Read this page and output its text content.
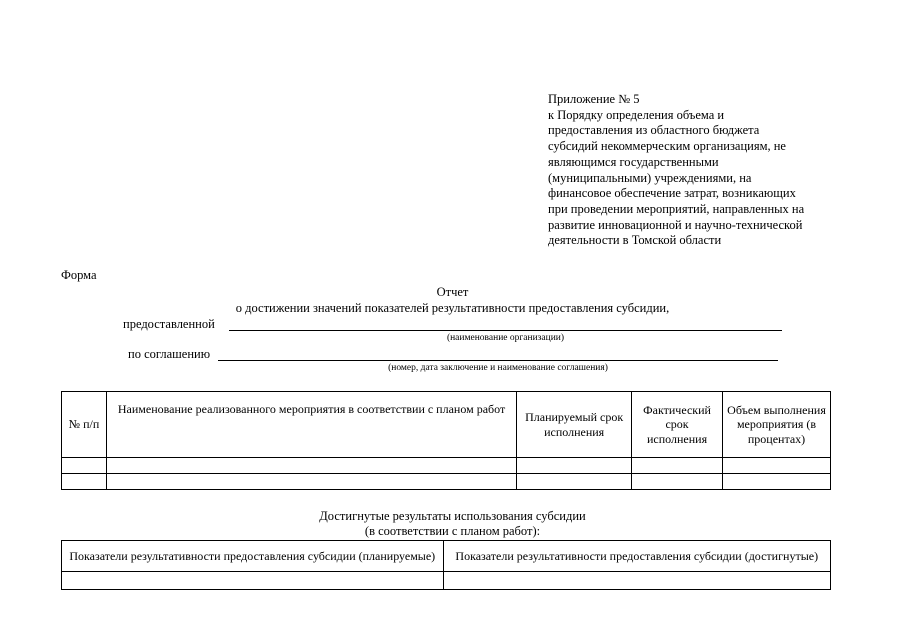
Приложение № 5
к Порядку определения объема и
предоставления из областного бюджета
субсидий некоммерческим организациям, не
являющимся государственными
(муниципальными) учреждениями, на
финансовое обеспечение затрат, возникающих
при проведении мероприятий, направленных на
развитие инновационной и научно-технической
деятельности в Томской области
Форма
Отчет
о достижении значений показателей результативности предоставления субсидии,
предоставленной
(наименование организации)
по соглашению
(номер, дата заключение и наименование соглашения)
№ п/п	Наименование реализованного мероприятия в соответствии с планом работ	Планируемый срок исполнения	Фактический срок исполнения	Объем выполнения мероприятия (в процентах)

Достигнутые результаты использования субсидии
(в соответствии с планом работ):
Показатели результативности предоставления субсидии (планируемые)	Показатели результативности предоставления субсидии (достигнутые)
